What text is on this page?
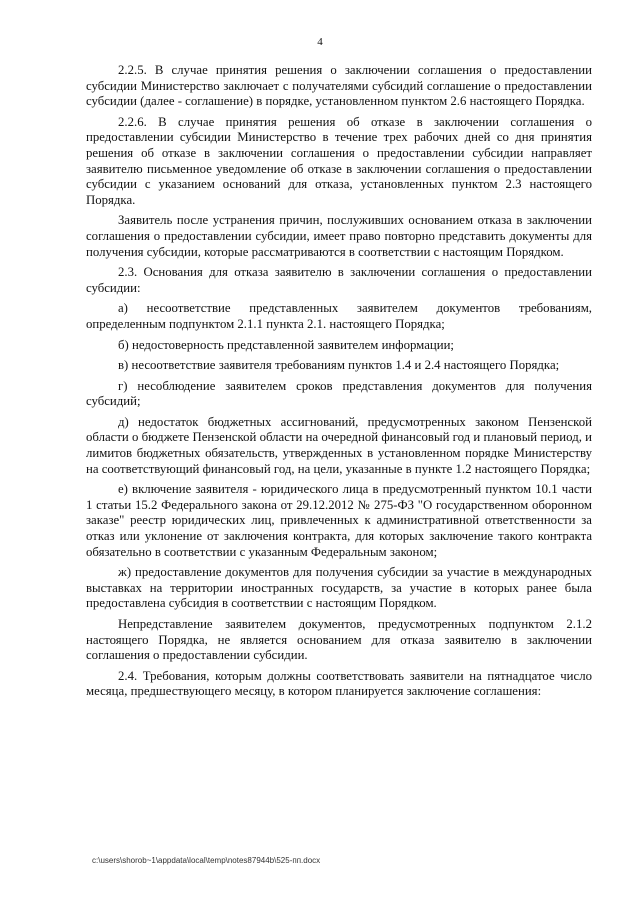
4

2.2.5. В случае принятия решения о заключении соглашения о предоставлении субсидии Министерство заключает с получателями субсидий соглашение о предоставлении субсидии (далее - соглашение) в порядке, установленном пунктом 2.6 настоящего Порядка.

2.2.6. В случае принятия решения об отказе в заключении соглашения о предоставлении субсидии Министерство в течение трех рабочих дней со дня принятия решения об отказе в заключении соглашения о предоставлении субсидии направляет заявителю письменное уведомление об отказе в заключении соглашения о предоставлении субсидии с указанием оснований для отказа, установленных пунктом 2.3 настоящего Порядка.

Заявитель после устранения причин, послуживших основанием отказа в заключении соглашения о предоставлении субсидии, имеет право повторно представить документы для получения субсидии, которые рассматриваются в соответствии с настоящим Порядком.

2.3. Основания для отказа заявителю в заключении соглашения о предоставлении субсидии:

а) несоответствие представленных заявителем документов требованиям, определенным подпунктом 2.1.1 пункта 2.1. настоящего Порядка;

б) недостоверность представленной заявителем информации;

в) несоответствие заявителя требованиям пунктов 1.4 и 2.4 настоящего Порядка;

г) несоблюдение заявителем сроков представления документов для получения субсидий;

д) недостаток бюджетных ассигнований, предусмотренных законом Пензенской области о бюджете Пензенской области на очередной финансовый год и плановый период, и лимитов бюджетных обязательств, утвержденных в установленном порядке Министерству на соответствующий финансовый год, на цели, указанные в пункте 1.2 настоящего Порядка;

е) включение заявителя - юридического лица в предусмотренный пунктом 10.1 части 1 статьи 15.2 Федерального закона от 29.12.2012 № 275-ФЗ "О государственном оборонном заказе" реестр юридических лиц, привлеченных к административной ответственности за отказ или уклонение от заключения контракта, для которых заключение такого контракта обязательно в соответствии с указанным Федеральным законом;

ж) предоставление документов для получения субсидии за участие в международных выставках на территории иностранных государств, за участие в которых ранее была предоставлена субсидия в соответствии с настоящим Порядком.

Непредставление заявителем документов, предусмотренных подпунктом 2.1.2 настоящего Порядка, не является основанием для отказа заявителю в заключении соглашения о предоставлении субсидии.

2.4. Требования, которым должны соответствовать заявители на пятнадцатое число месяца, предшествующего месяцу, в котором планируется заключение соглашения:

c:\users\shorob~1\appdata\local\temp\notes87944b\525-пп.docx
